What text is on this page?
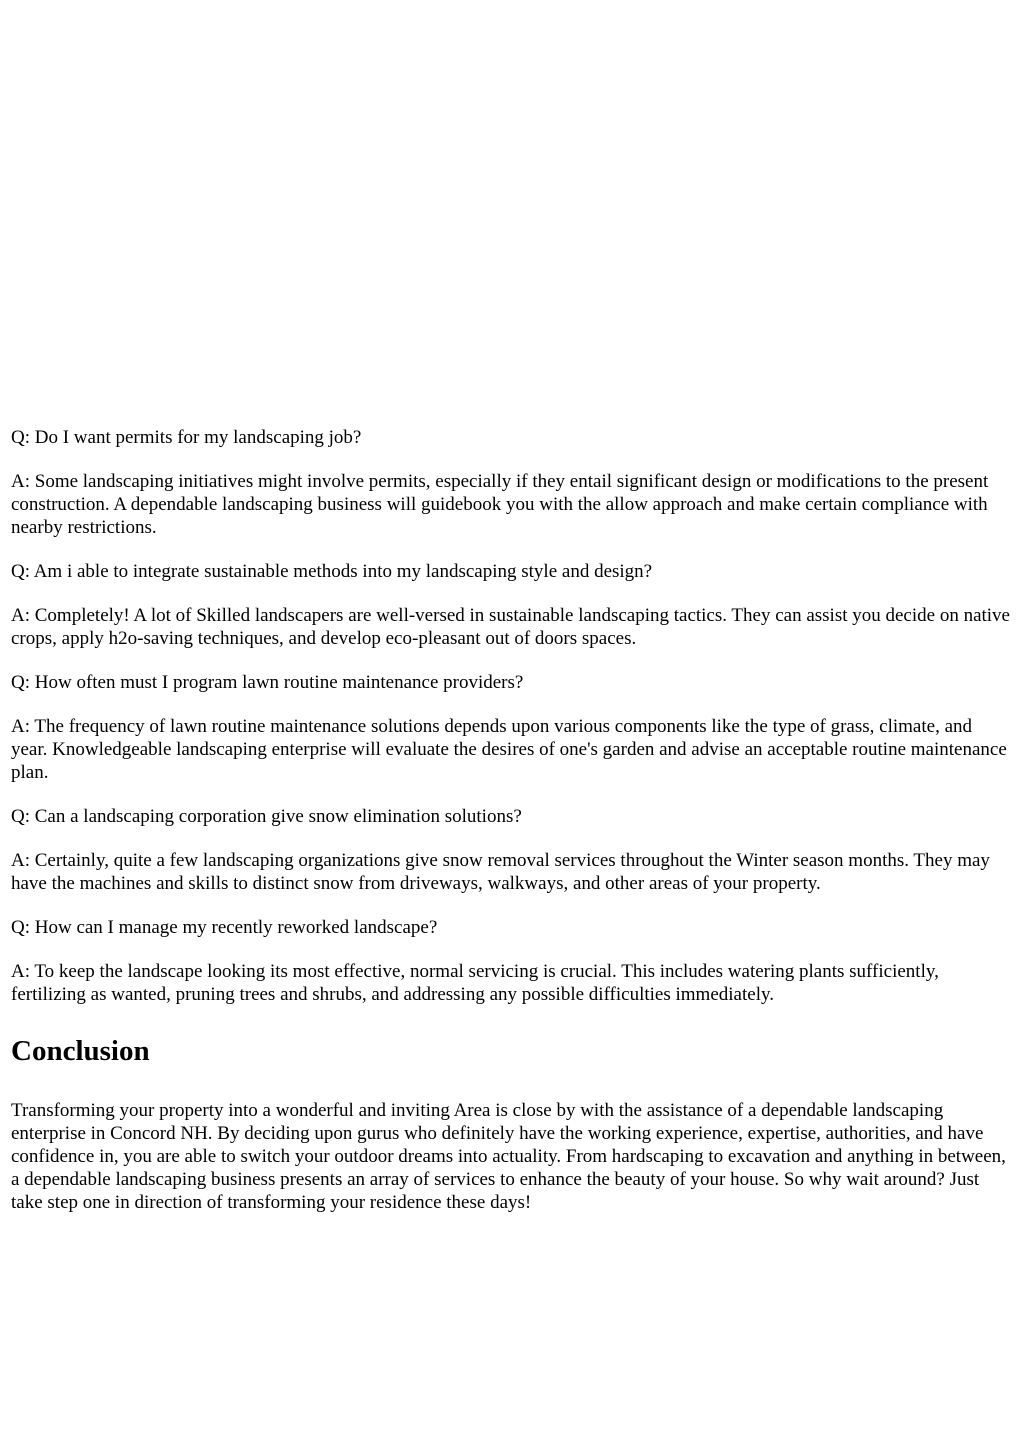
Q: Do I want permits for my landscaping job?

A: Some landscaping initiatives might involve permits, especially if they entail significant design or modifications to the present construction. A dependable landscaping business will guidebook you with the allow approach and make certain compliance with nearby restrictions.

Q: Am i able to integrate sustainable methods into my landscaping style and design?

A: Completely! A lot of Skilled landscapers are well-versed in sustainable landscaping tactics. They can assist you decide on native crops, apply h2o-saving techniques, and develop eco-pleasant out of doors spaces.

Q: How often must I program lawn routine maintenance providers?

A: The frequency of lawn routine maintenance solutions depends upon various components like the type of grass, climate, and year. Knowledgeable landscaping enterprise will evaluate the desires of one's garden and advise an acceptable routine maintenance plan.

Q: Can a landscaping corporation give snow elimination solutions?

A: Certainly, quite a few landscaping organizations give snow removal services throughout the Winter season months. They may have the machines and skills to distinct snow from driveways, walkways, and other areas of your property.

Q: How can I manage my recently reworked landscape?

A: To keep the landscape looking its most effective, normal servicing is crucial. This includes watering plants sufficiently, fertilizing as wanted, pruning trees and shrubs, and addressing any possible difficulties immediately.

Conclusion

Transforming your property into a wonderful and inviting Area is close by with the assistance of a dependable landscaping enterprise in Concord NH. By deciding upon gurus who definitely have the working experience, expertise, authorities, and have confidence in, you are able to switch your outdoor dreams into actuality. From hardscaping to excavation and anything in between, a dependable landscaping business presents an array of services to enhance the beauty of your house. So why wait around? Just take step one in direction of transforming your residence these days!
